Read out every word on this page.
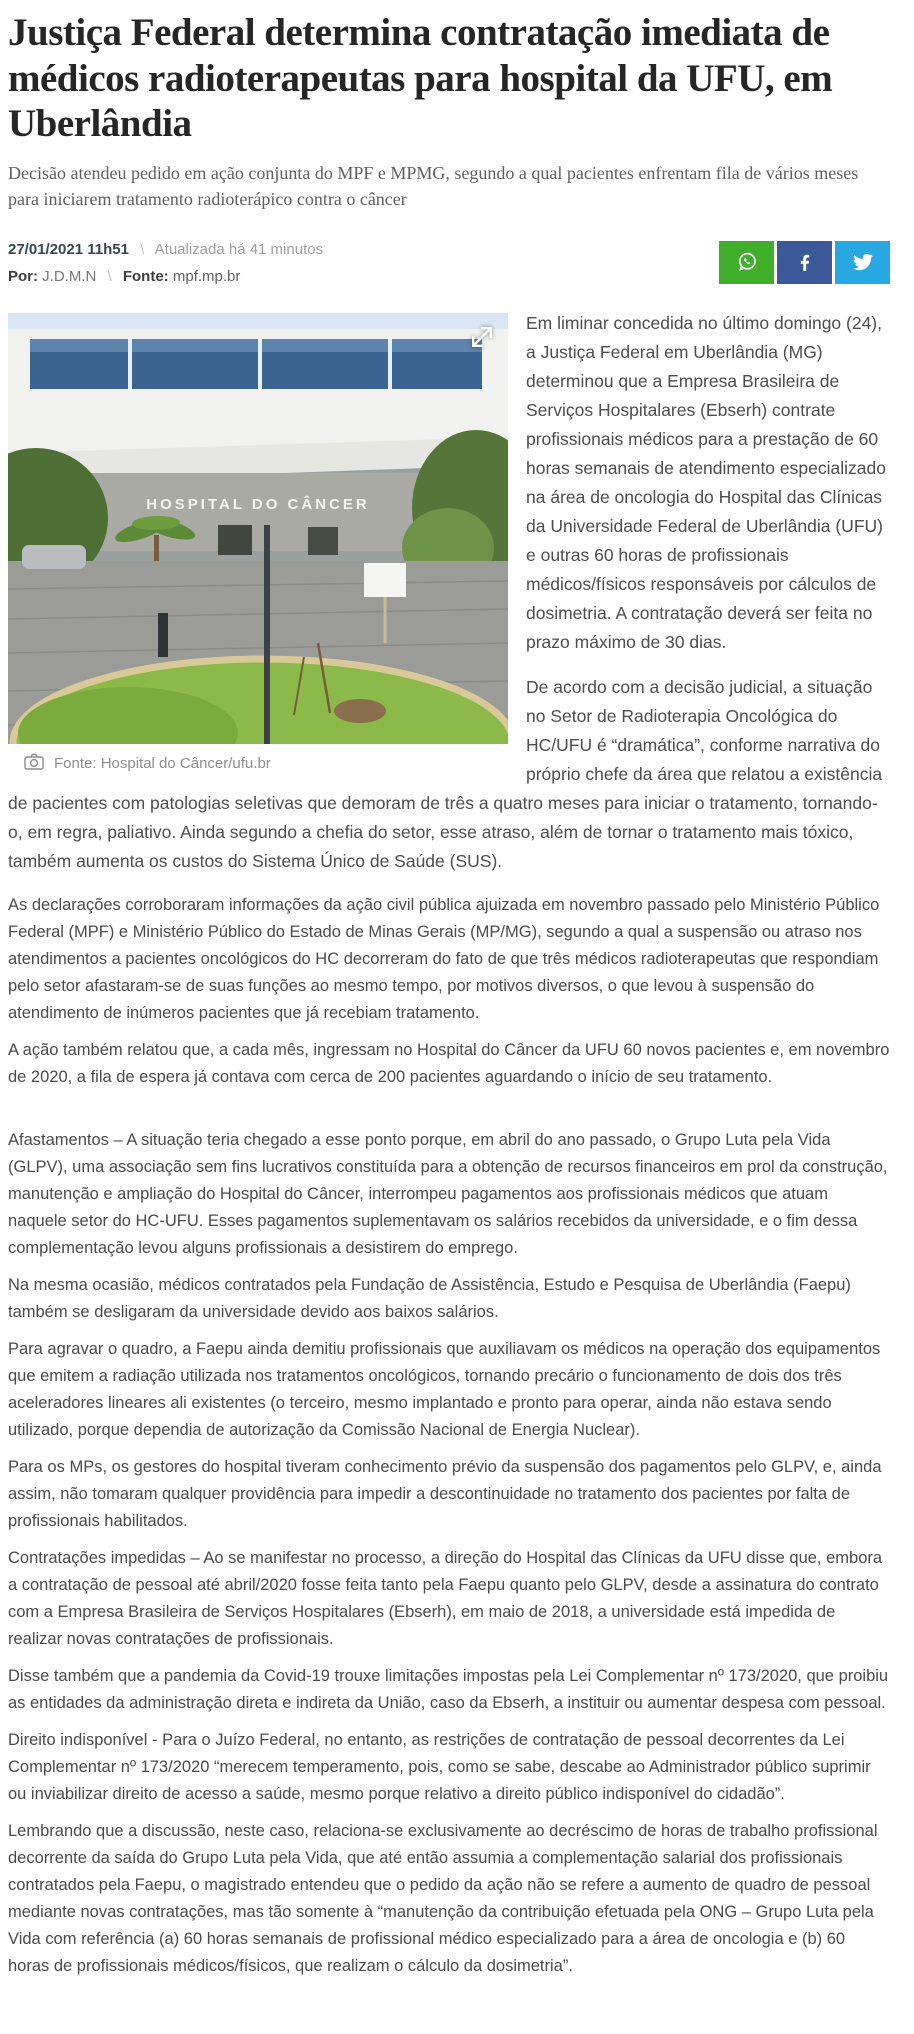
Justiça Federal determina contratação imediata de médicos radioterapeutas para hospital da UFU, em Uberlândia

Decisão atendeu pedido em ação conjunta do MPF e MPMG, segundo a qual pacientes enfrentam fila de vários meses para iniciarem tratamento radioterápico contra o câncer

27/01/2021 11h51 \ Atualizada há 41 minutos
Por: J.D.M.N \ Fonte: mpf.mp.br
HOSPITAL DO CÂNCER
Fonte: Hospital do Câncer/ufu.br

Em liminar concedida no último domingo (24), a Justiça Federal em Uberlândia (MG) determinou que a Empresa Brasileira de Serviços Hospitalares (Ebserh) contrate profissionais médicos para a prestação de 60 horas semanais de atendimento especializado na área de oncologia do Hospital das Clínicas da Universidade Federal de Uberlândia (UFU) e outras 60 horas de profissionais médicos/físicos responsáveis por cálculos de dosimetria. A contratação deverá ser feita no prazo máximo de 30 dias.

De acordo com a decisão judicial, a situação no Setor de Radioterapia Oncológica do HC/UFU é “dramática”, conforme narrativa do próprio chefe da área que relatou a existência de pacientes com patologias seletivas que demoram de três a quatro meses para iniciar o tratamento, tornando-o, em regra, paliativo. Ainda segundo a chefia do setor, esse atraso, além de tornar o tratamento mais tóxico, também aumenta os custos do Sistema Único de Saúde (SUS).

As declarações corroboraram informações da ação civil pública ajuizada em novembro passado pelo Ministério Público Federal (MPF) e Ministério Público do Estado de Minas Gerais (MP/MG), segundo a qual a suspensão ou atraso nos atendimentos a pacientes oncológicos do HC decorreram do fato de que três médicos radioterapeutas que respondiam pelo setor afastaram-se de suas funções ao mesmo tempo, por motivos diversos, o que levou à suspensão do atendimento de inúmeros pacientes que já recebiam tratamento.

A ação também relatou que, a cada mês, ingressam no Hospital do Câncer da UFU 60 novos pacientes e, em novembro de 2020, a fila de espera já contava com cerca de 200 pacientes aguardando o início de seu tratamento.

Afastamentos – A situação teria chegado a esse ponto porque, em abril do ano passado, o Grupo Luta pela Vida (GLPV), uma associação sem fins lucrativos constituída para a obtenção de recursos financeiros em prol da construção, manutenção e ampliação do Hospital do Câncer, interrompeu pagamentos aos profissionais médicos que atuam naquele setor do HC-UFU. Esses pagamentos suplementavam os salários recebidos da universidade, e o fim dessa complementação levou alguns profissionais a desistirem do emprego.

Na mesma ocasião, médicos contratados pela Fundação de Assistência, Estudo e Pesquisa de Uberlândia (Faepu) também se desligaram da universidade devido aos baixos salários.

Para agravar o quadro, a Faepu ainda demitiu profissionais que auxiliavam os médicos na operação dos equipamentos que emitem a radiação utilizada nos tratamentos oncológicos, tornando precário o funcionamento de dois dos três aceleradores lineares ali existentes (o terceiro, mesmo implantado e pronto para operar, ainda não estava sendo utilizado, porque dependia de autorização da Comissão Nacional de Energia Nuclear).

Para os MPs, os gestores do hospital tiveram conhecimento prévio da suspensão dos pagamentos pelo GLPV, e, ainda assim, não tomaram qualquer providência para impedir a descontinuidade no tratamento dos pacientes por falta de profissionais habilitados.

Contratações impedidas – Ao se manifestar no processo, a direção do Hospital das Clínicas da UFU disse que, embora a contratação de pessoal até abril/2020 fosse feita tanto pela Faepu quanto pelo GLPV, desde a assinatura do contrato com a Empresa Brasileira de Serviços Hospitalares (Ebserh), em maio de 2018, a universidade está impedida de realizar novas contratações de profissionais.

Disse também que a pandemia da Covid-19 trouxe limitações impostas pela Lei Complementar nº 173/2020, que proibiu as entidades da administração direta e indireta da União, caso da Ebserh, a instituir ou aumentar despesa com pessoal.

Direito indisponível - Para o Juízo Federal, no entanto, as restrições de contratação de pessoal decorrentes da Lei Complementar nº 173/2020 “merecem temperamento, pois, como se sabe, descabe ao Administrador público suprimir ou inviabilizar direito de acesso a saúde, mesmo porque relativo a direito público indisponível do cidadão”.

Lembrando que a discussão, neste caso, relaciona-se exclusivamente ao decréscimo de horas de trabalho profissional decorrente da saída do Grupo Luta pela Vida, que até então assumia a complementação salarial dos profissionais contratados pela Faepu, o magistrado entendeu que o pedido da ação não se refere a aumento de quadro de pessoal mediante novas contratações, mas tão somente à “manutenção da contribuição efetuada pela ONG – Grupo Luta pela Vida com referência (a) 60 horas semanais de profissional médico especializado para a área de oncologia e (b) 60 horas de profissionais médicos/físicos, que realizam o cálculo da dosimetria”.
